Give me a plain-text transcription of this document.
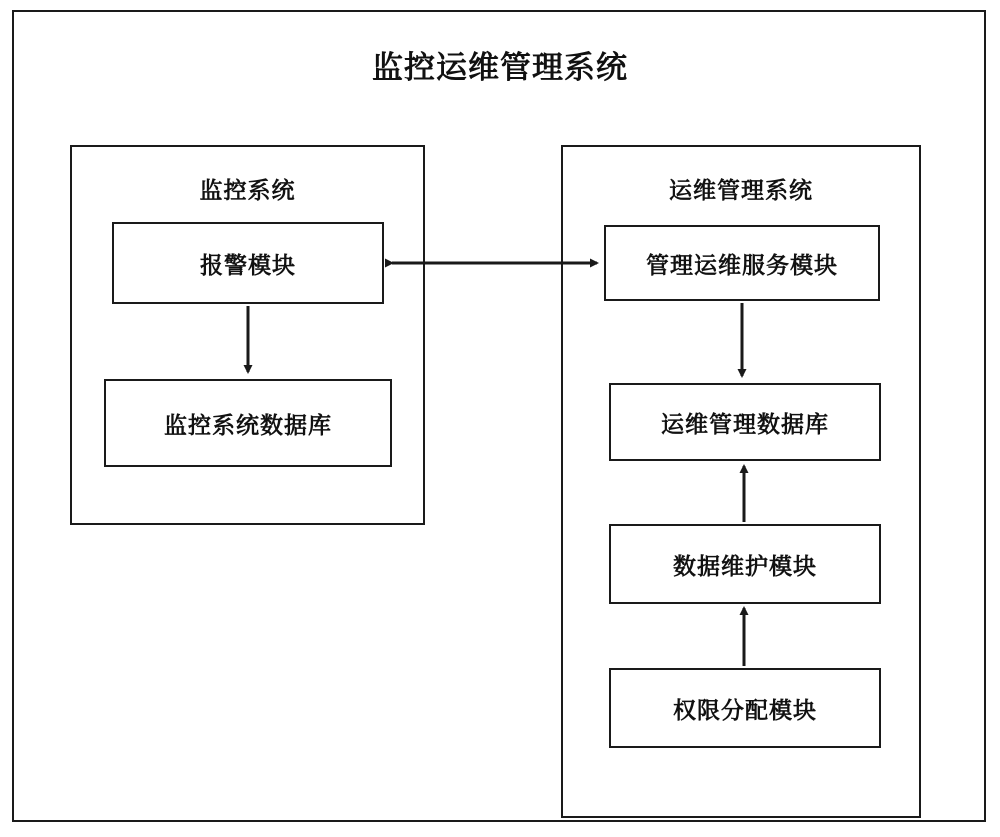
监控运维管理系统
监控系统
报警模块
监控系统数据库
运维管理系统
管理运维服务模块
运维管理数据库
数据维护模块
权限分配模块
